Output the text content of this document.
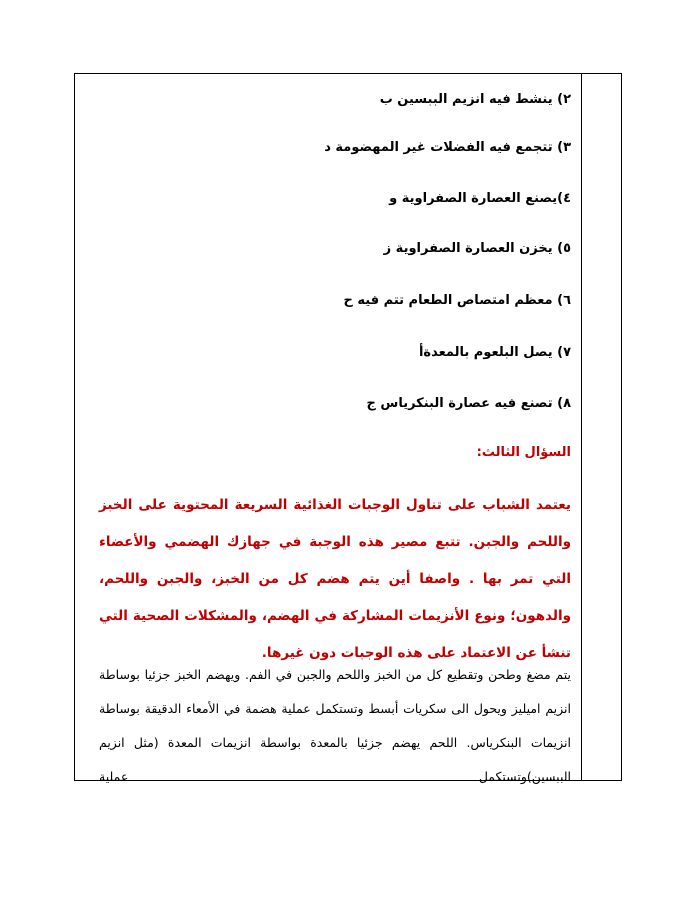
٢) ينشط فيه انزيم الببسين ب
٣) تتجمع فيه الفضلات غير المهضومة د
٤)يصنع العصارة الصفراوية و
٥) يخزن العصارة الصفراوية ز
٦) معظم امتصاص الطعام تتم فيه ح
٧) يصل البلعوم بالمعدةأ
٨) تصنع فيه عصارة البنكرياس ج
السؤال الثالث:
يعتمد الشباب على تناول الوجبات الغذائية السريعة المحتوية على الخبز واللحم والجبن. تتبع مصير هذه الوجبة في جهازك الهضمي والأعضاء التي تمر بها . واصفا أين يتم هضم كل من الخبز، والجبن واللحم، والدهون؛ ونوع الأنزيمات المشاركة في الهضم، والمشكلات الصحية التي تنشأ عن الاعتماد على هذه الوجبات دون غيرها.
يتم مضغ وطحن وتقطيع كل من الخبز واللحم والجبن في الفم. ويهضم الخبز جزئيا بوساطة انزيم اميليز ويحول الى سكريات أبسط وتستكمل عملية هضمة في الأمعاء الدقيقة بوساطة انزيمات البنكرياس. اللحم يهضم جزئيا بالمعدة بواسطة انزيمات المعدة (مثل انزيم الببسين)وتستكمل عملية
